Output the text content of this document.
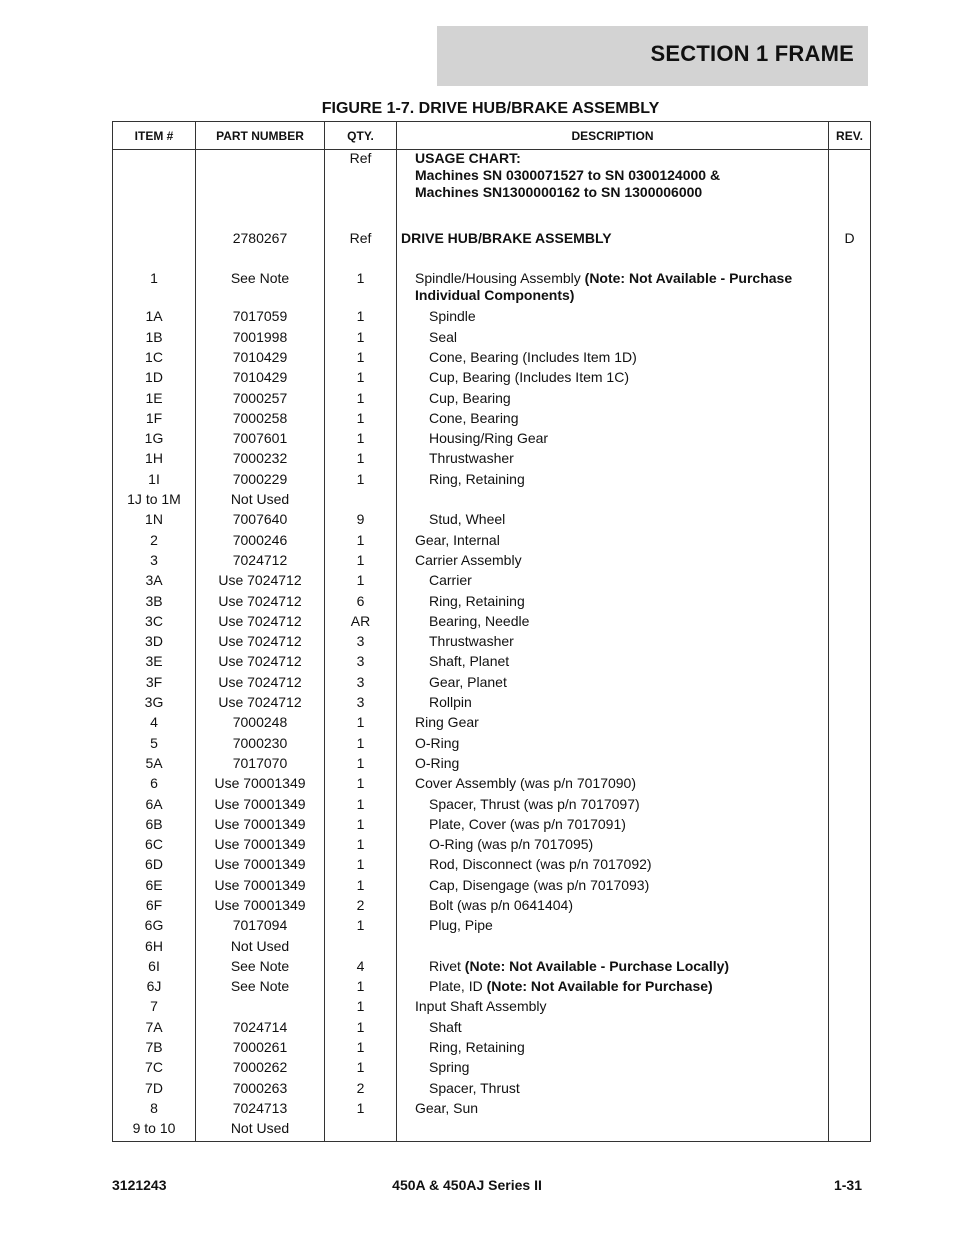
SECTION 1 FRAME
FIGURE 1-7. DRIVE HUB/BRAKE ASSEMBLY
ITEM #	PART NUMBER	QTY.	DESCRIPTION	REV.
		Ref	USAGE CHART:
Machines SN 0300071527 to SN 0300124000 &
Machines SN1300000162 to SN 1300006000	

	2780267	Ref	DRIVE HUB/BRAKE ASSEMBLY	D

1	See Note	1	Spindle/Housing Assembly (Note: Not Available - Purchase Individual Components)	
1A	7017059	1	Spindle	
1B	7001998	1	Seal	
1C	7010429	1	Cone, Bearing (Includes Item 1D)	
1D	7010429	1	Cup, Bearing (Includes Item 1C)	
1E	7000257	1	Cup, Bearing	
1F	7000258	1	Cone, Bearing	
1G	7007601	1	Housing/Ring Gear	
1H	7000232	1	Thrustwasher	
1I	7000229	1	Ring, Retaining	
1J to 1M	Not Used			
1N	7007640	9	Stud, Wheel	
2	7000246	1	Gear, Internal	
3	7024712	1	Carrier Assembly	
3A	Use 7024712	1	Carrier	
3B	Use 7024712	6	Ring, Retaining	
3C	Use 7024712	AR	Bearing, Needle	
3D	Use 7024712	3	Thrustwasher	
3E	Use 7024712	3	Shaft, Planet	
3F	Use 7024712	3	Gear, Planet	
3G	Use 7024712	3	Rollpin	
4	7000248	1	Ring Gear	
5	7000230	1	O-Ring	
5A	7017070	1	O-Ring	
6	Use 70001349	1	Cover Assembly (was p/n 7017090)	
6A	Use 70001349	1	Spacer, Thrust (was p/n 7017097)	
6B	Use 70001349	1	Plate, Cover (was p/n 7017091)	
6C	Use 70001349	1	O-Ring (was p/n 7017095)	
6D	Use 70001349	1	Rod, Disconnect (was p/n 7017092)	
6E	Use 70001349	1	Cap, Disengage (was p/n 7017093)	
6F	Use 70001349	2	Bolt (was p/n 0641404)	
6G	7017094	1	Plug, Pipe	
6H	Not Used			
6I	See Note	4	Rivet (Note: Not Available - Purchase Locally)	
6J	See Note	1	Plate, ID (Note: Not Available for Purchase)	
7		1	Input Shaft Assembly	
7A	7024714	1	Shaft	
7B	7000261	1	Ring, Retaining	
7C	7000262	1	Spring	
7D	7000263	2	Spacer, Thrust	
8	7024713	1	Gear, Sun	
9 to 10	Not Used			
3121243	450A & 450AJ Series II	1-31
